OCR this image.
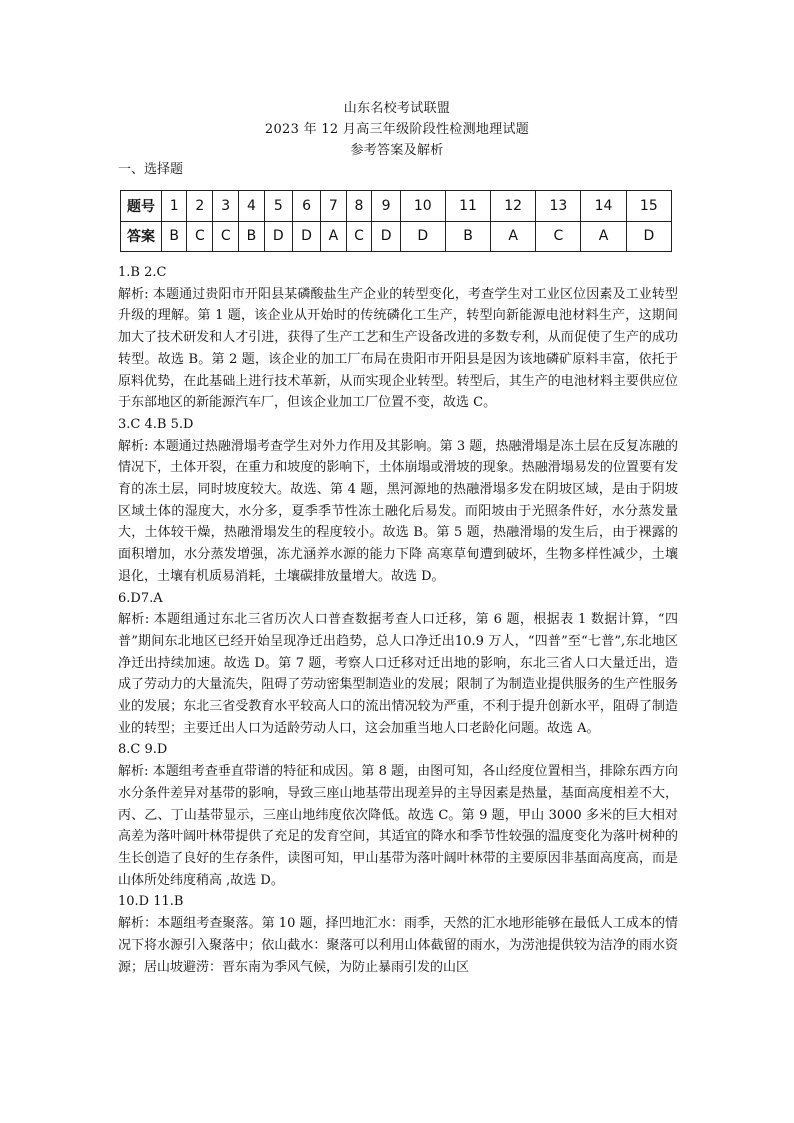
山东名校考试联盟
2023 年 12 月高三年级阶段性检测地理试题
参考答案及解析
一、选择题
题号	1	2	3	4	5	6	7	8	9	10	11	12	13	14	15
答案	B	C	C	B	D	D	A	C	D	D	B	A	C	A	D
1.B 2.C

解析: 本题通过贵阳市开阳县某磷酸盐生产企业的转型变化，考查学生对工业区位因素及工业转型升级的理解。第 1 题，该企业从开始时的传统磷化工生产，转型向新能源电池材料生产，这期间加大了技术研发和人才引进，获得了生产工艺和生产设备改进的多数专利，从而促使了生产的成功转型。故选 B。第 2 题，该企业的加工厂布局在贵阳市开阳县是因为该地磷矿原料丰富，依托于原料优势，在此基础上进行技术革新，从而实现企业转型。转型后，其生产的电池材料主要供应位于东部地区的新能源汽车厂，但该企业加工厂位置不变，故选 C。

3.C 4.B 5.D

解析: 本题通过热融滑塌考查学生对外力作用及其影响。第 3 题，热融滑塌是冻土层在反复冻融的情况下，土体开裂，在重力和坡度的影响下，土体崩塌或滑坡的现象。热融滑塌易发的位置要有发育的冻土层，同时坡度较大。故选、第 4 题，黑河源地的热融滑塌多发在阴坡区域，是由于阴坡区域土体的湿度大，水分多，夏季季节性冻土融化后易发。而阳坡由于光照条件好，水分蒸发量大，土体较干燥，热融滑塌发生的程度较小。故选 B。第 5 题，热融滑塌的发生后，由于裸露的面积增加，水分蒸发增强，冻尤涵养水源的能力下降 高寒草甸遭到破坏，生物多样性减少，土壤退化，土壤有机质易消耗，土壤碳排放量增大。故选 D。

6.D7.A

解析: 本题组通过东北三省历次人口普查数据考查人口迁移，第 6 题，根据表 1 数据计算，“四普”期间东北地区已经开始呈现净迁出趋势，总人口净迁出10.9 万人，“四普”至“七普”,东北地区净迁出持续加速。故选 D。第 7 题，考察人口迁移对迁出地的影响，东北三省人口大量迁出，造成了劳动力的大量流失，阻碍了劳动密集型制造业的发展；限制了为制造业提供服务的生产性服务业的发展；东北三省受教育水平较高人口的流出情况较为严重，不利于提升创新水平，阻碍了制造业的转型；主要迁出人口为适龄劳动人口，这会加重当地人口老龄化问题。故选 A。

8.C 9.D

解析: 本题组考查垂直带谱的特征和成因。第 8 题，由图可知，各山经度位置相当，排除东西方向水分条件差异对基带的影响，导致三座山地基带出现差异的主导因素是热量，基面高度相差不大，丙、乙、丁山基带显示，三座山地纬度依次降低。故选 C。第 9 题，甲山 3000 多米的巨大相对高差为落叶阔叶林带提供了充足的发育空间，其适宜的降水和季节性较强的温度变化为落叶树种的生长创造了良好的生存条件，读图可知，甲山基带为落叶阔叶林带的主要原因非基面高度高，而是山体所处纬度稍高 ,故选 D。

10.D 11.B

解析：本题组考查聚落。第 10 题，择凹地汇水：雨季，天然的汇水地形能够在最低人工成本的情况下将水源引入聚落中；依山截水：聚落可以利用山体截留的雨水，为涝池提供较为洁净的雨水资源；居山坡避涝：晋东南为季风气候，为防止暴雨引发的山区
